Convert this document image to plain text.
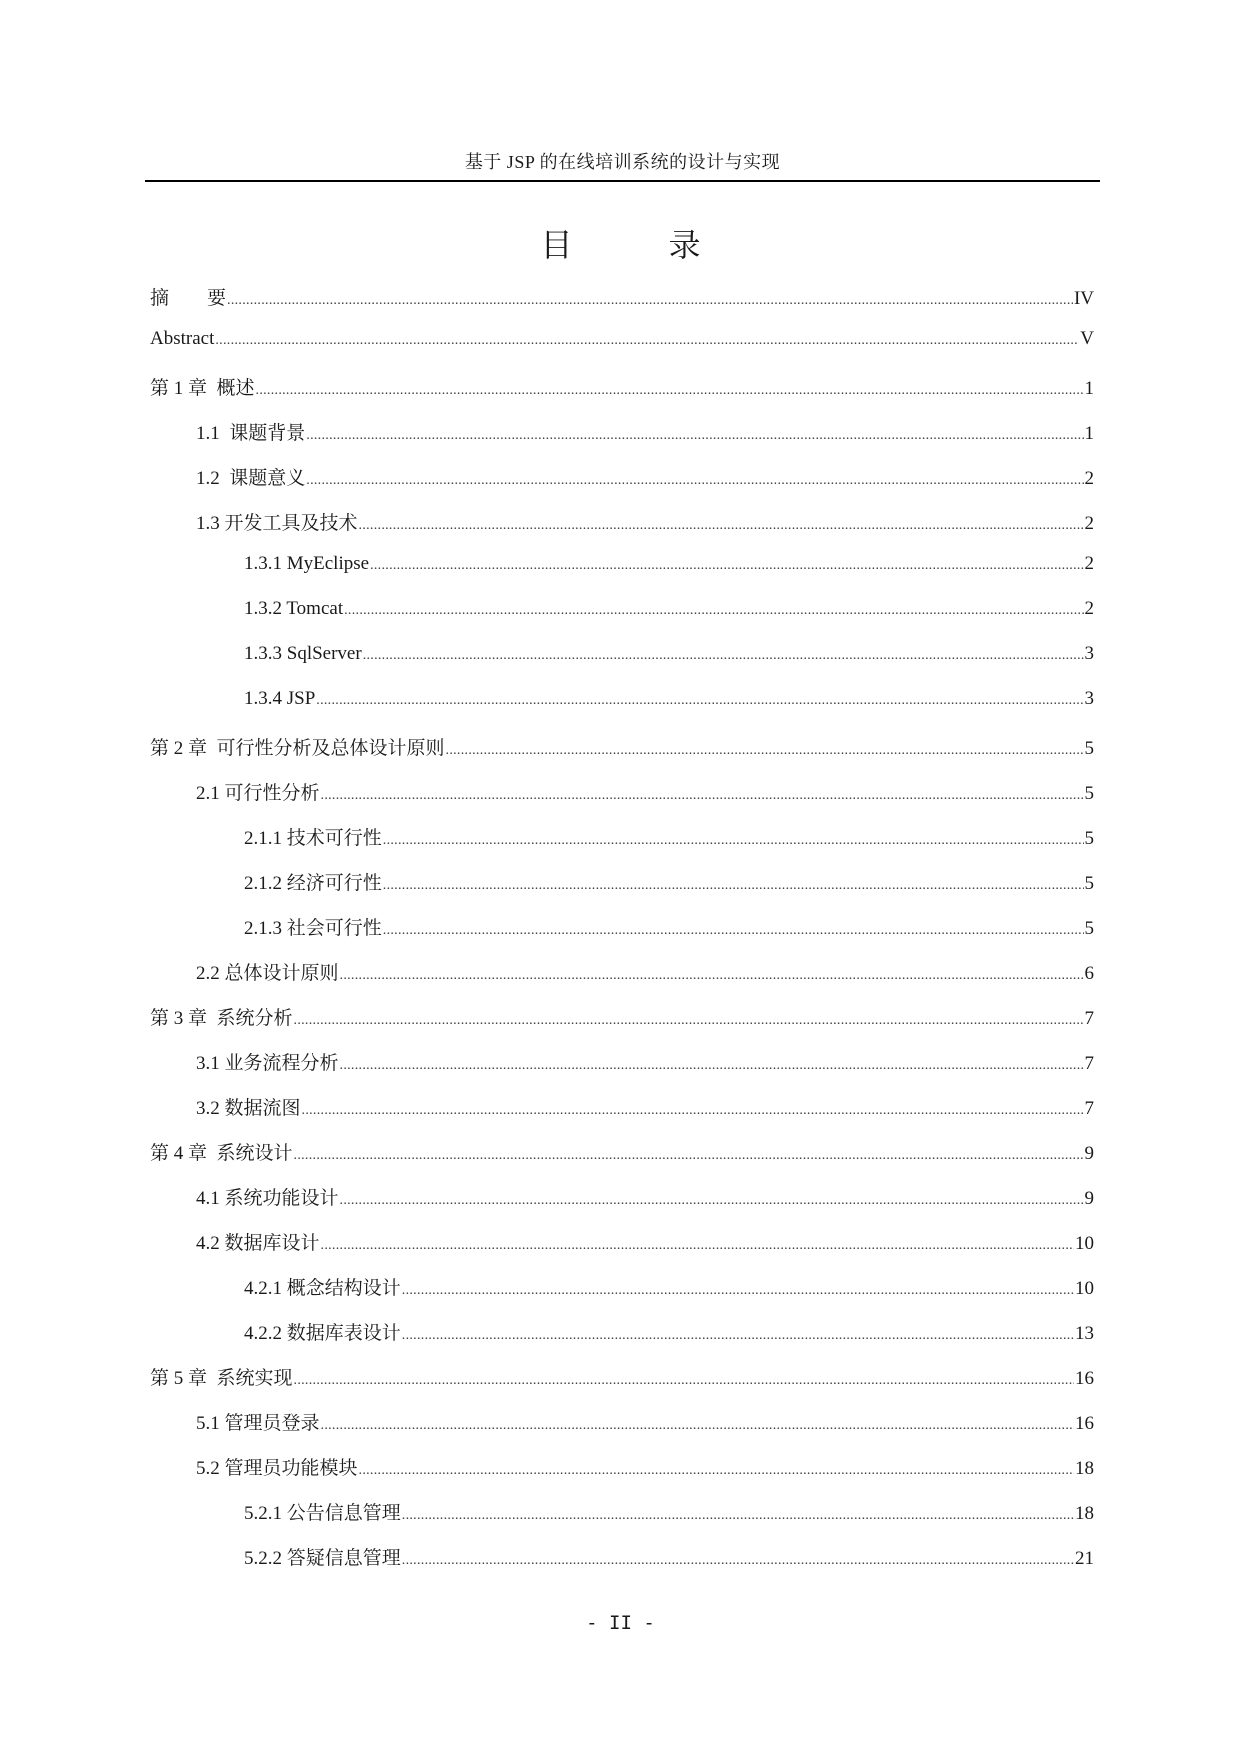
基于 JSP 的在线培训系统的设计与实现
目 录
摘　　要 .....	IV
Abstract .....	V
第 1 章  概述 .....	1
1.1  课题背景 .....	1
1.2  课题意义 .....	2
1.3 开发工具及技术 .....	2
1.3.1 MyEclipse .....	2
1.3.2 Tomcat .....	2
1.3.3 SqlServer .....	3
1.3.4 JSP .....	3
第 2 章  可行性分析及总体设计原则 .....	5
2.1 可行性分析 .....	5
2.1.1 技术可行性 .....	5
2.1.2 经济可行性 .....	5
2.1.3 社会可行性 .....	5
2.2 总体设计原则 .....	6
第 3 章  系统分析 .....	7
3.1 业务流程分析 .....	7
3.2 数据流图 .....	7
第 4 章  系统设计 .....	9
4.1 系统功能设计 .....	9
4.2 数据库设计 .....	10
4.2.1 概念结构设计 .....	10
4.2.2 数据库表设计 .....	13
第 5 章  系统实现 .....	16
5.1 管理员登录 .....	16
5.2 管理员功能模块 .....	18
5.2.1 公告信息管理 .....	18
5.2.2 答疑信息管理 .....	21
- II -
